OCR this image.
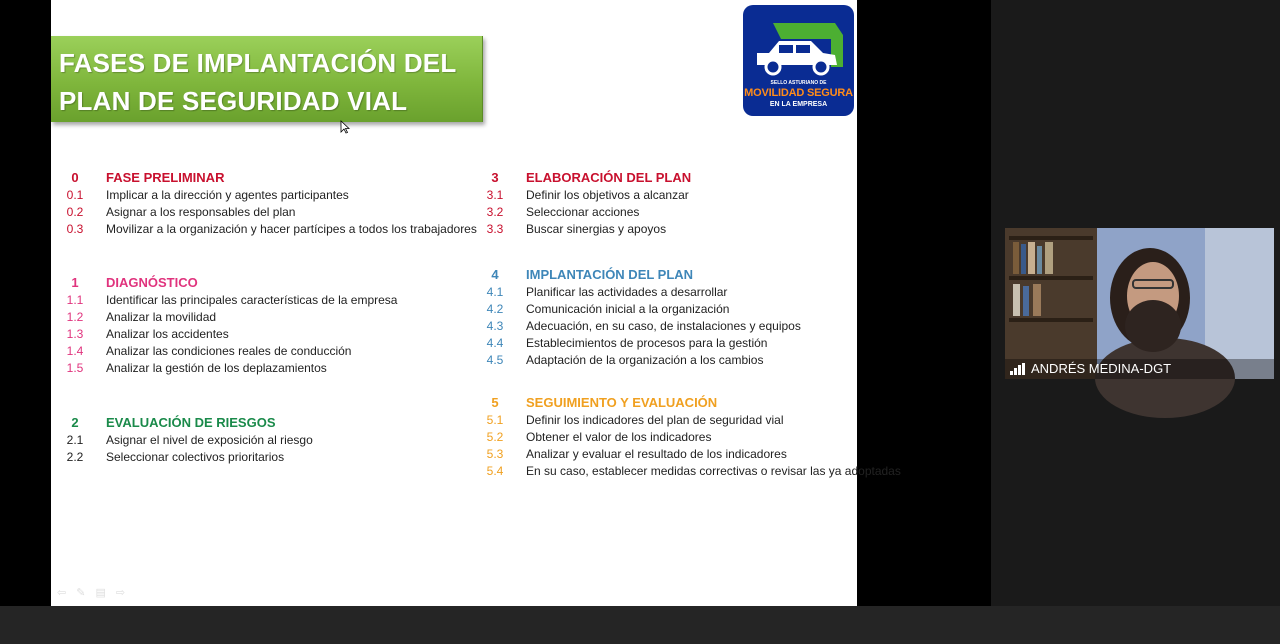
FASES DE IMPLANTACIÓN DEL
PLAN DE SEGURIDAD VIAL
SELLO ASTURIANO DE
MOVILIDAD SEGURA
EN LA EMPRESA
0	FASE PRELIMINAR
0.1	Implicar a la dirección y agentes participantes
0.2	Asignar a los responsables del plan
0.3	Movilizar a la organización y hacer partícipes a todos los trabajadores
1	DIAGNÓSTICO
1.1	Identificar las principales características de la empresa
1.2	Analizar la movilidad
1.3	Analizar los accidentes
1.4	Analizar las condiciones reales de conducción
1.5	Analizar la gestión de los deplazamientos
2	EVALUACIÓN DE RIESGOS
2.1	Asignar el nivel de exposición al riesgo
2.2	Seleccionar colectivos prioritarios
3	ELABORACIÓN DEL PLAN
3.1	Definir los objetivos a alcanzar
3.2	Seleccionar acciones
3.3	Buscar sinergias y apoyos
4	IMPLANTACIÓN DEL PLAN
4.1	Planificar las actividades a desarrollar
4.2	Comunicación inicial a la organización
4.3	Adecuación, en su caso, de instalaciones y equipos
4.4	Establecimientos de procesos para la gestión
4.5	Adaptación de la organización a los cambios
5	SEGUIMIENTO Y EVALUACIÓN
5.1	Definir los indicadores del plan de seguridad vial
5.2	Obtener el valor de los indicadores
5.3	Analizar y evaluar el resultado de los indicadores
5.4	En su caso, establecer medidas correctivas o revisar las ya adoptadas
⇦ ✎ ▤ ⇨
ANDRÉS MEDINA-DGT
